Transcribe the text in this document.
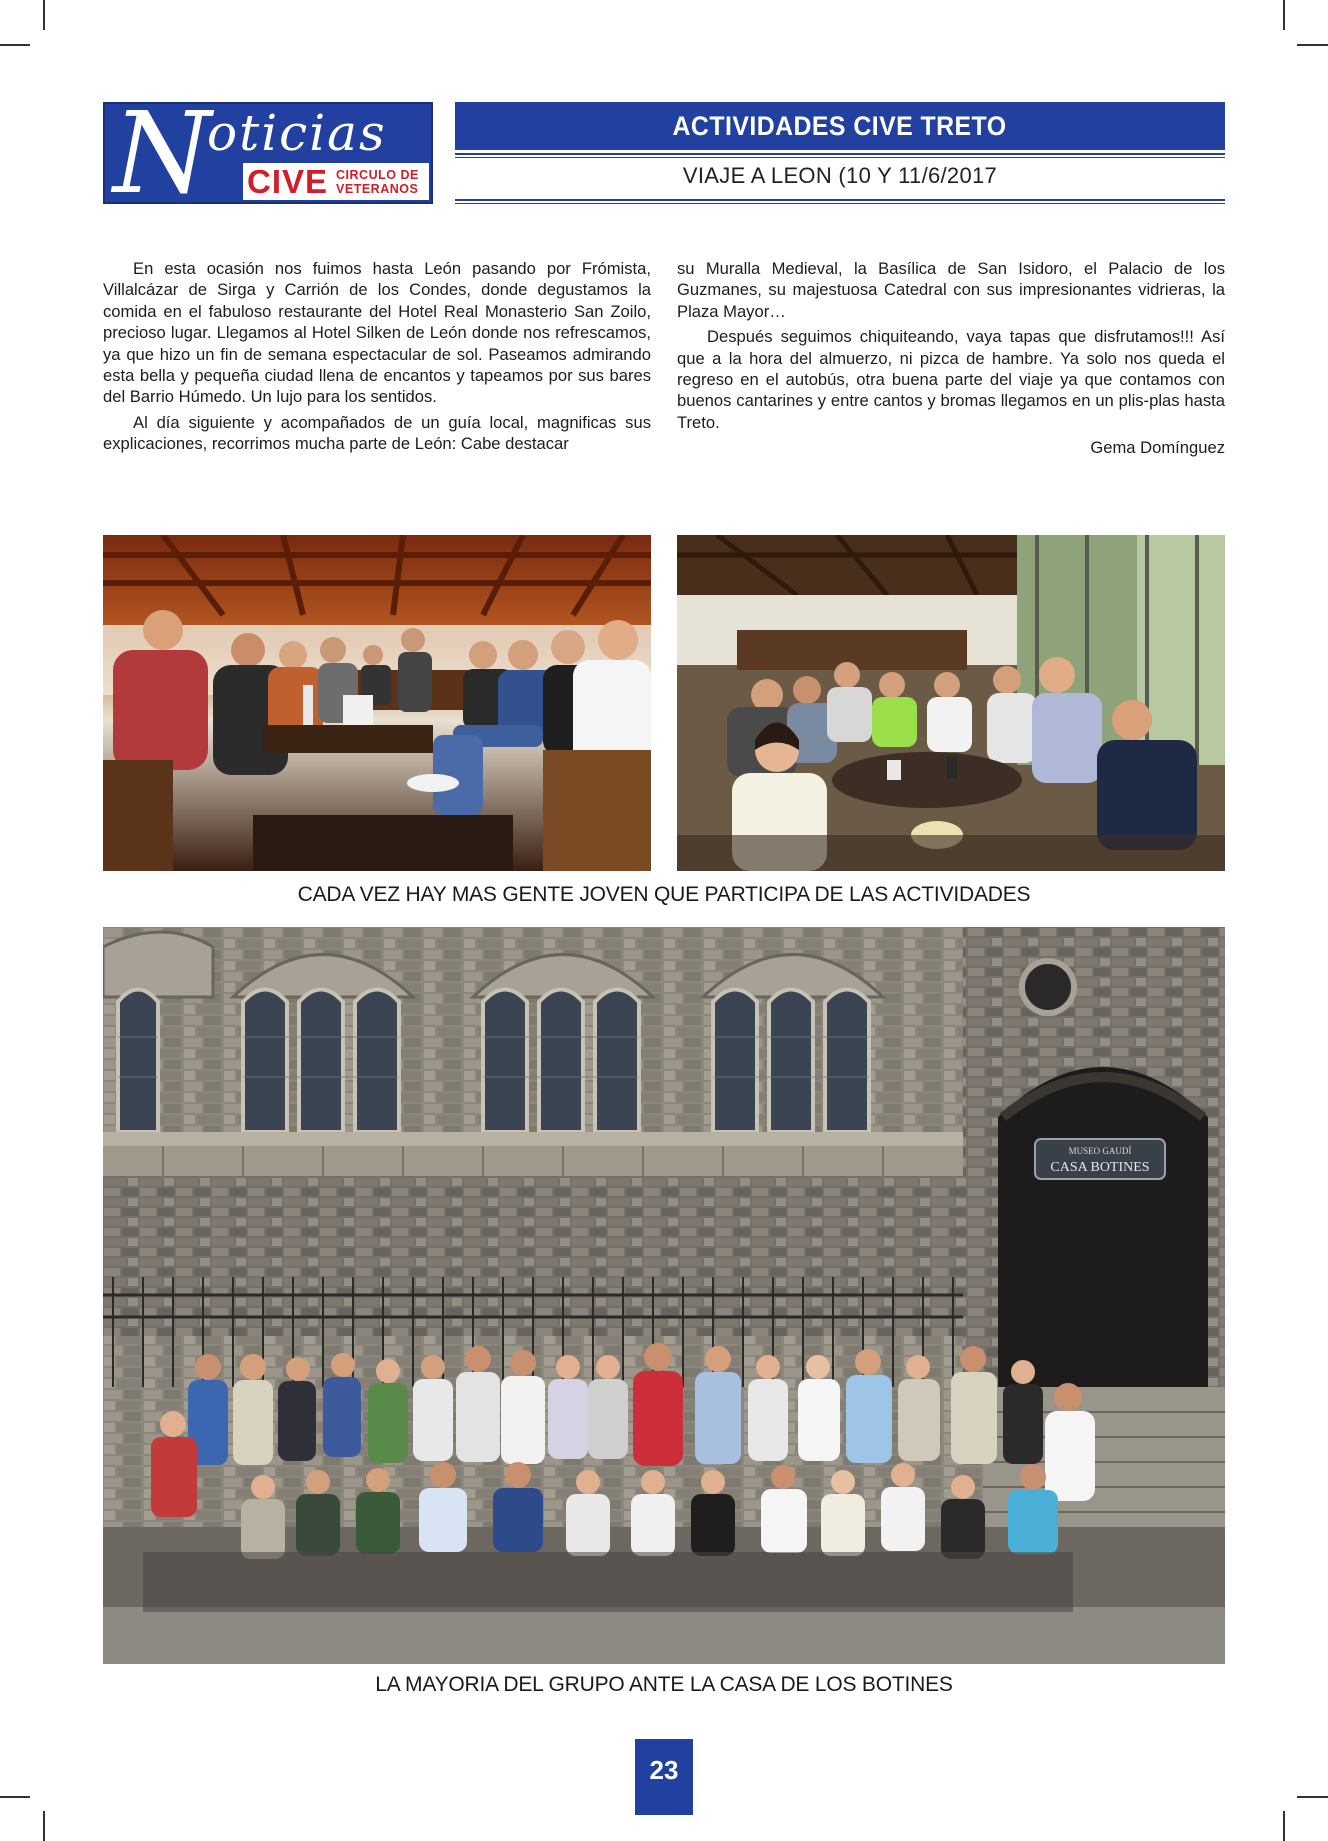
N
oticias
CIVE CIRCULO DE
VETERANOS
ACTIVIDADES CIVE TRETO
VIAJE A LEON (10 Y 11/6/2017

En esta ocasión nos fuimos hasta León pasando por Frómista, Villalcázar de Sirga y Carrión de los Condes, donde degustamos la comida en el fabuloso restaurante del Hotel Real Monasterio San Zoilo, precioso lugar. Llegamos al Hotel Silken de León donde nos refrescamos, ya que hizo un fin de semana espectacular de sol. Paseamos admirando esta bella y pequeña ciudad llena de encantos y tapeamos por sus bares del Barrio Húmedo. Un lujo para los sentidos.

Al día siguiente y acompañados de un guía local, magnificas sus explicaciones, recorrimos mucha parte de León: Cabe destacar

su Muralla Medieval, la Basílica de San Isidoro, el Palacio de los Guzmanes, su majestuosa Catedral con sus impresionantes vidrieras, la Plaza Mayor…

Después seguimos chiquiteando, vaya tapas que disfrutamos!!! Así que a la hora del almuerzo, ni pizca de hambre. Ya solo nos queda el regreso en el autobús, otra buena parte del viaje ya que contamos con buenos cantarines y entre cantos y bromas llegamos en un plis-plas hasta Treto.

Gema Domínguez

CADA VEZ HAY MAS GENTE JOVEN QUE PARTICIPA DE LAS ACTIVIDADES
MUSEO GAUDÍ
CASA BOTINES
LA MAYORIA DEL GRUPO ANTE LA CASA DE LOS BOTINES
23
